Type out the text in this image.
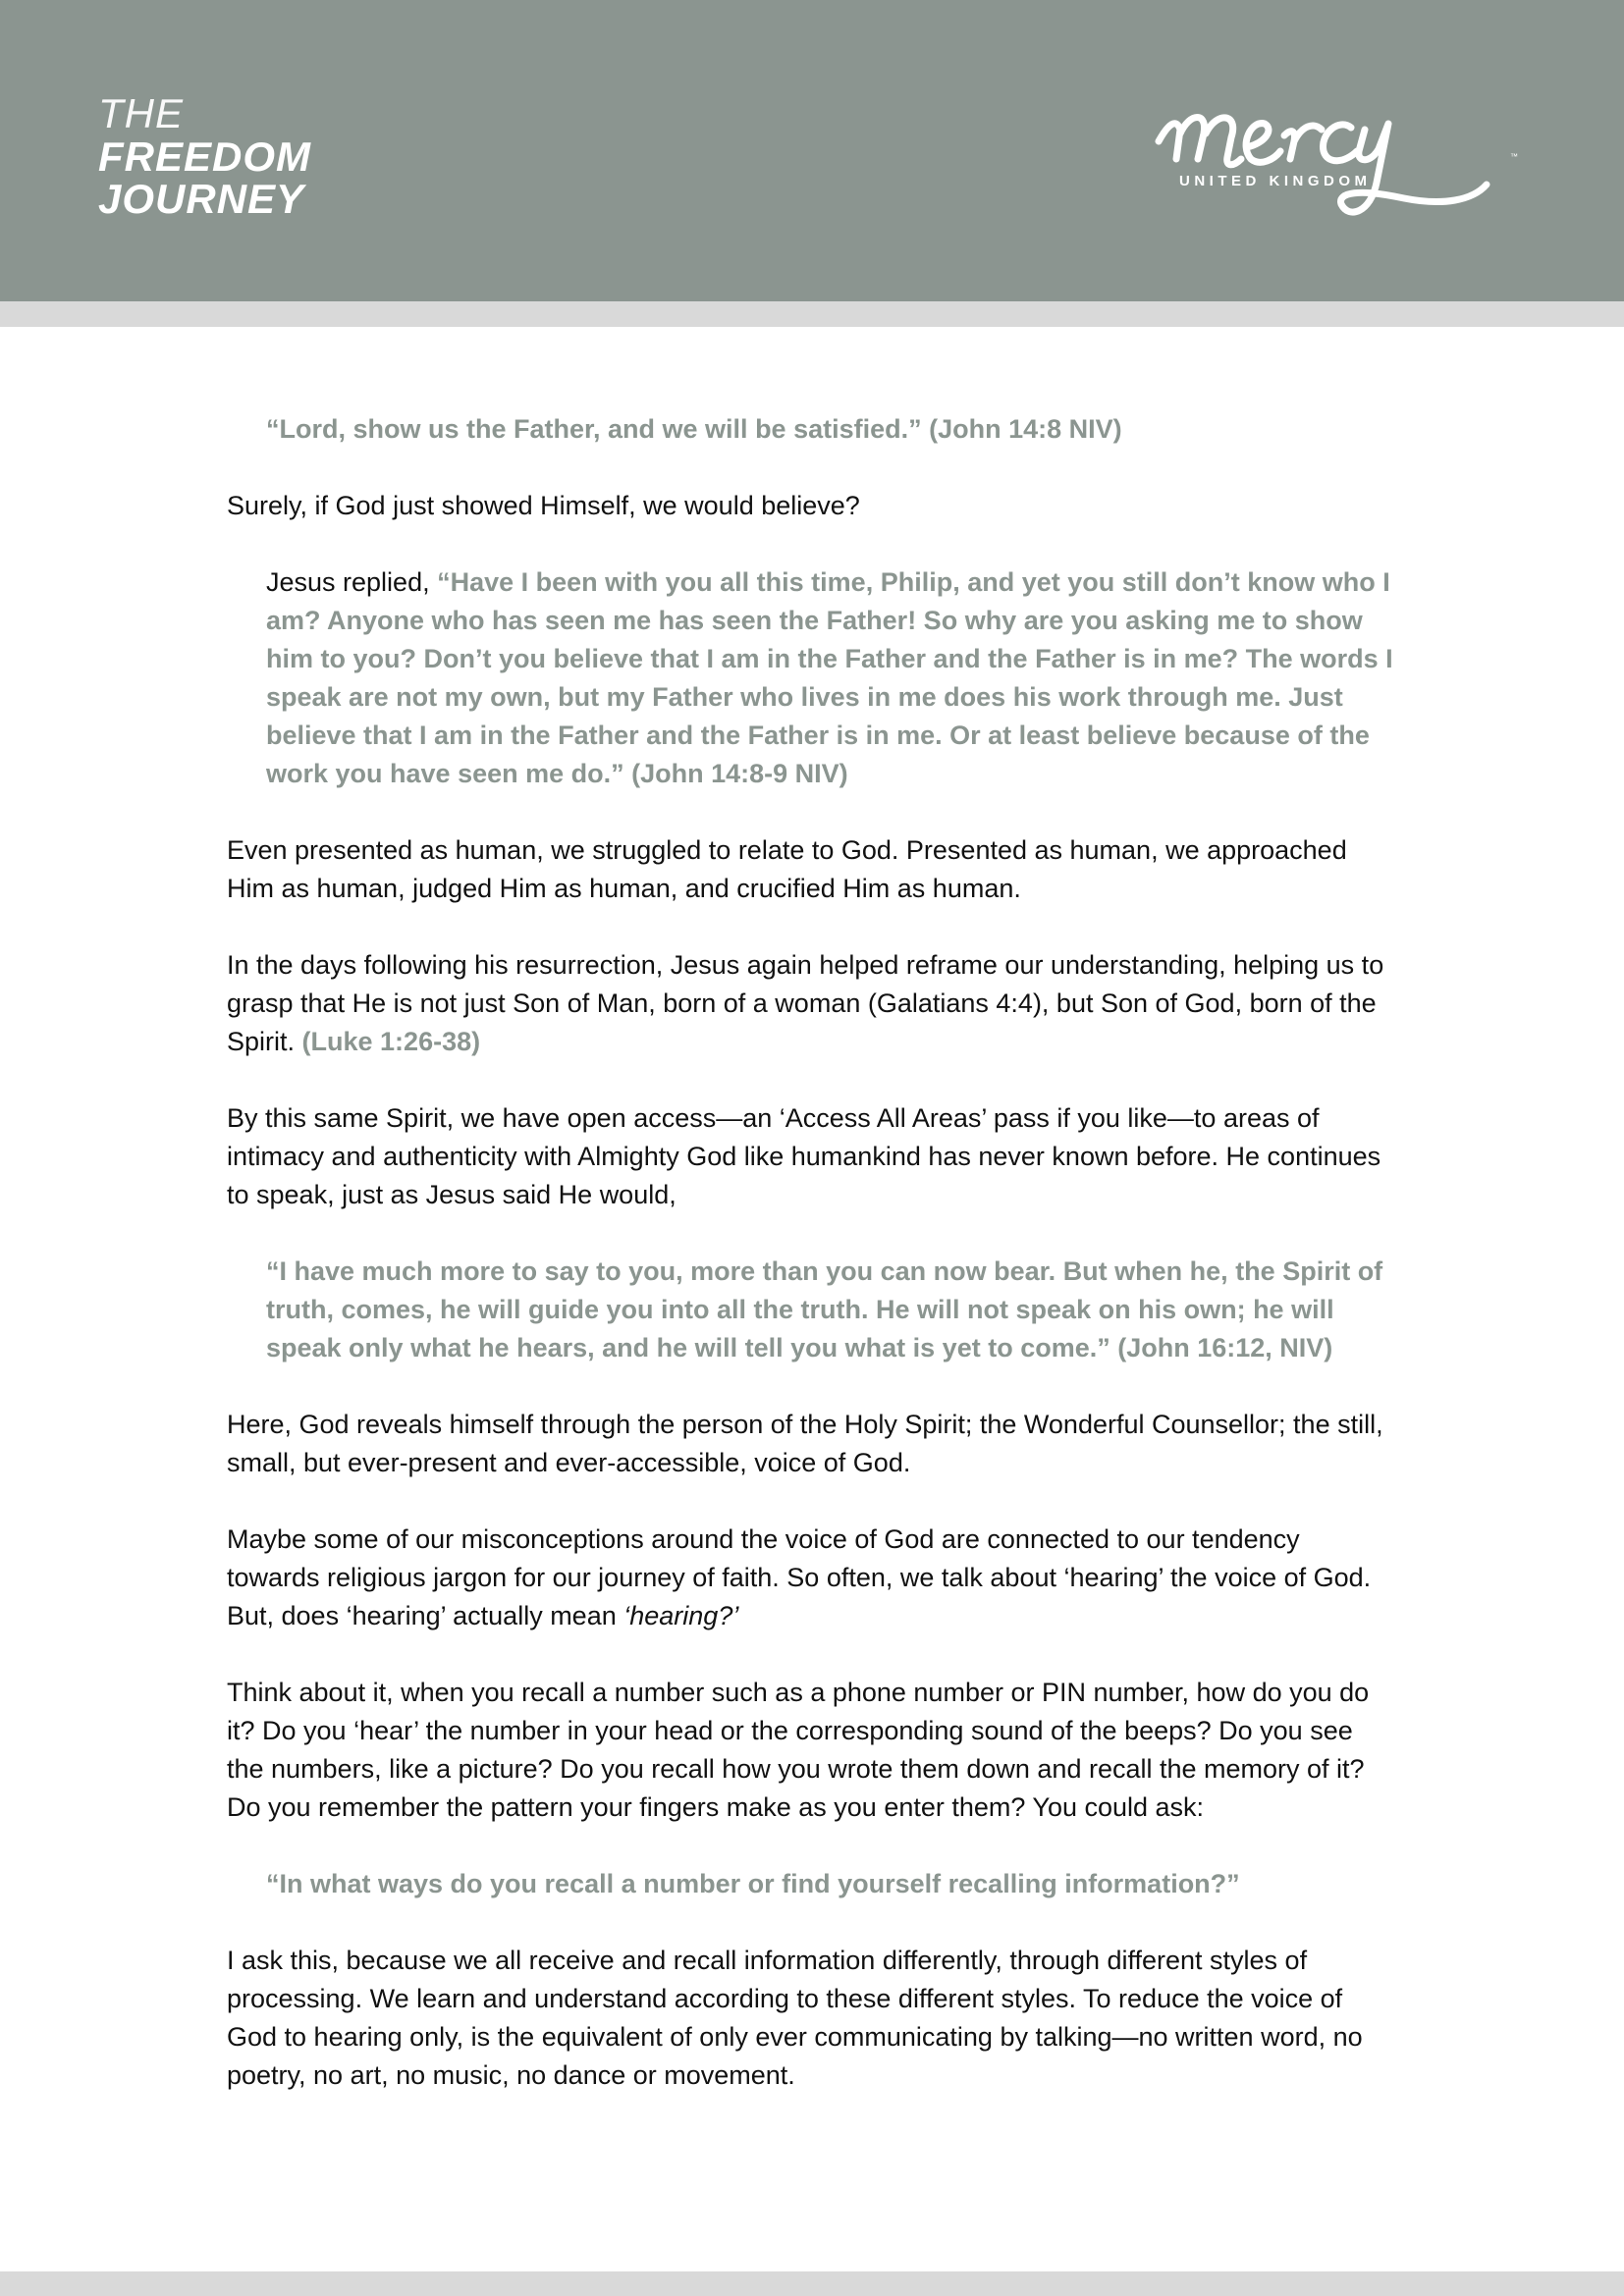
THE
FREEDOM
JOURNEY
™
UNITED KINGDOM

“Lord, show us the Father, and we will be satisfied.” (John 14:8 NIV)

Surely, if God just showed Himself, we would believe?

Jesus replied, “Have I been with you all this time, Philip, and yet you still don’t know who I am? Anyone who has seen me has seen the Father! So why are you asking me to show him to you? Don’t you believe that I am in the Father and the Father is in me? The words I speak are not my own, but my Father who lives in me does his work through me. Just believe that I am in the Father and the Father is in me. Or at least believe because of the work you have seen me do.” (John 14:8-9 NIV)

Even presented as human, we struggled to relate to God. Presented as human, we approached Him as human, judged Him as human, and crucified Him as human.

In the days following his resurrection, Jesus again helped reframe our understanding, helping us to grasp that He is not just Son of Man, born of a woman (Galatians 4:4), but Son of God, born of the Spirit. (Luke 1:26-38)

By this same Spirit, we have open access—an ‘Access All Areas’ pass if you like—to areas of intimacy and authenticity with Almighty God like humankind has never known before. He continues to speak, just as Jesus said He would,

“I have much more to say to you, more than you can now bear. But when he, the Spirit of truth, comes, he will guide you into all the truth. He will not speak on his own; he will speak only what he hears, and he will tell you what is yet to come.” (John 16:12, NIV)

Here, God reveals himself through the person of the Holy Spirit; the Wonderful Counsellor; the still, small, but ever-present and ever-accessible, voice of God.

Maybe some of our misconceptions around the voice of God are connected to our tendency towards religious jargon for our journey of faith. So often, we talk about ‘hearing’ the voice of God. But, does ‘hearing’ actually mean ‘hearing?’

Think about it, when you recall a number such as a phone number or PIN number, how do you do it? Do you ‘hear’ the number in your head or the corresponding sound of the beeps? Do you see the numbers, like a picture? Do you recall how you wrote them down and recall the memory of it? Do you remember the pattern your fingers make as you enter them? You could ask:

“In what ways do you recall a number or find yourself recalling information?”

I ask this, because we all receive and recall information differently, through different styles of processing. We learn and understand according to these different styles. To reduce the voice of God to hearing only, is the equivalent of only ever communicating by talking—no written word, no poetry, no art, no music, no dance or movement.
